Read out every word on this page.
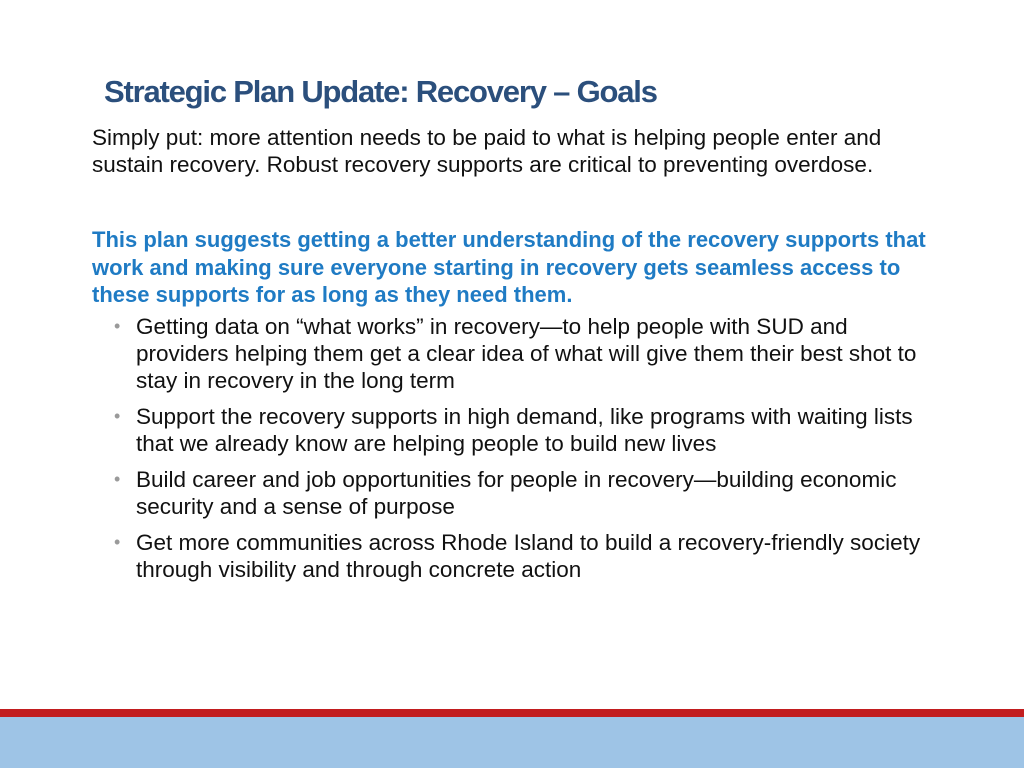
Strategic Plan Update: Recovery – Goals
Simply put: more attention needs to be paid to what is helping people enter and sustain recovery. Robust recovery supports are critical to preventing overdose.
This plan suggests getting a better understanding of the recovery supports that work and making sure everyone starting in recovery gets seamless access to these supports for as long as they need them.
• Getting data on “what works” in recovery—to help people with SUD and providers helping them get a clear idea of what will give them their best shot to stay in recovery in the long term
• Support the recovery supports in high demand, like programs with waiting lists that we already know are helping people to build new lives
• Build career and job opportunities for people in recovery—building economic security and a sense of purpose
• Get more communities across Rhode Island to build a recovery-friendly society through visibility and through concrete action
